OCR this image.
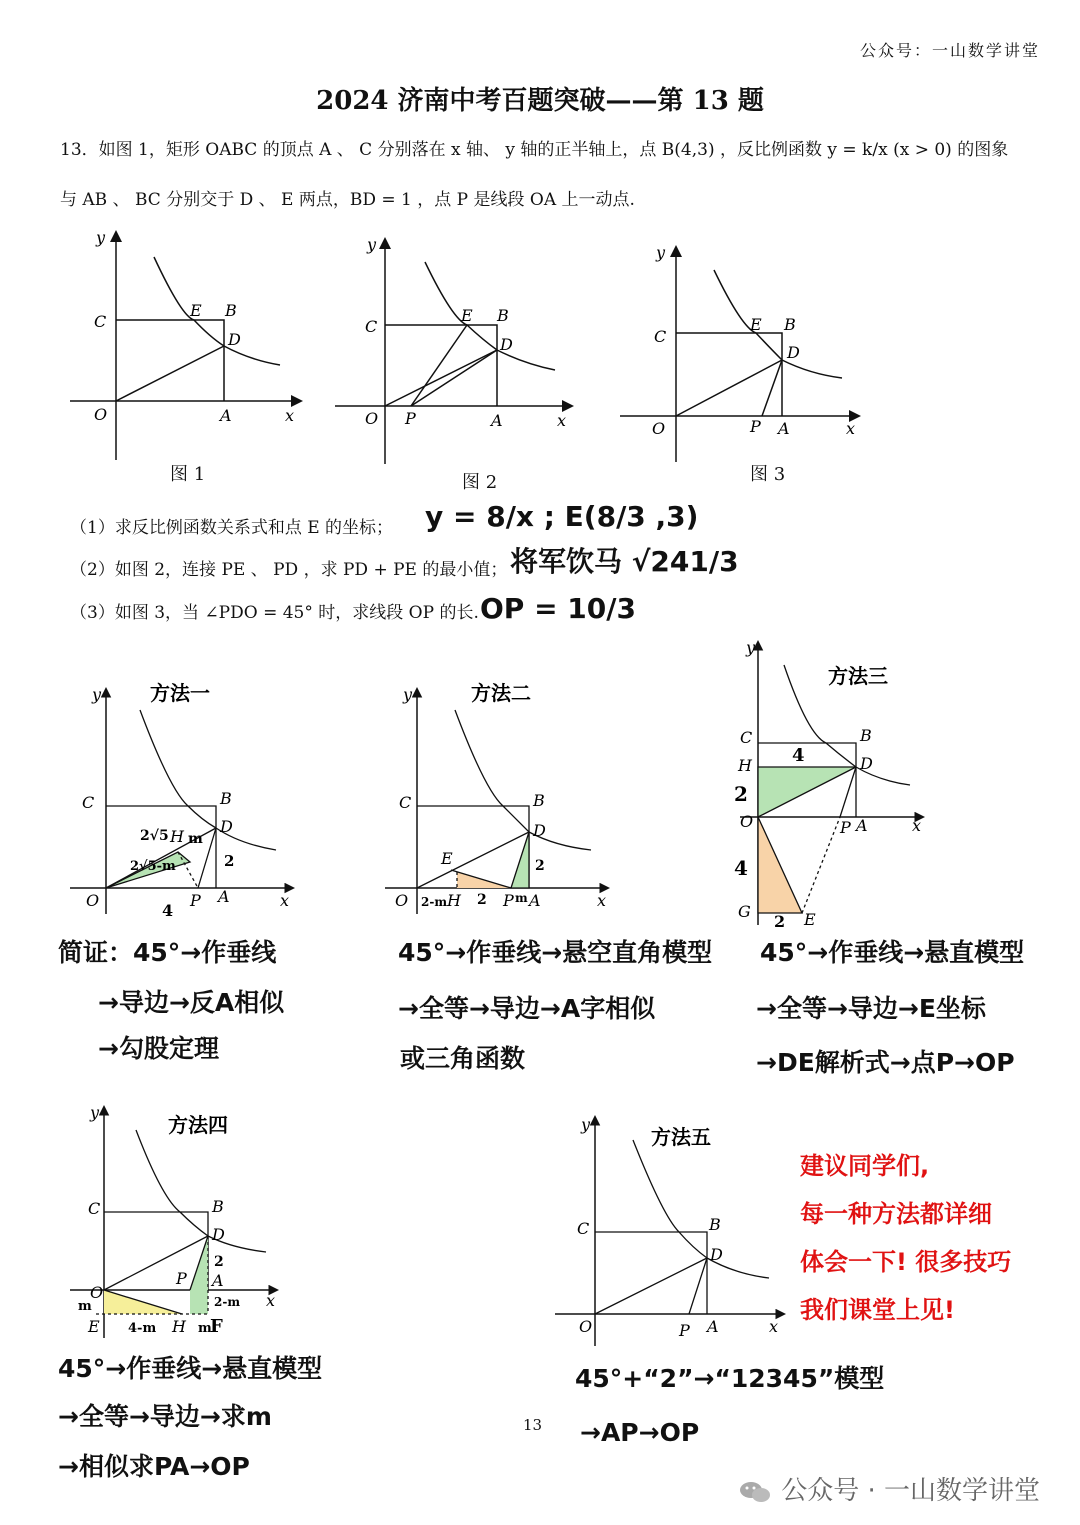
公众号：一山数学讲堂
2024 济南中考百题突破——第 13 题
13．如图 1，矩形 OABC 的顶点 A 、 C 分别落在 x 轴、 y 轴的正半轴上，点 B(4,3) ，反比例函数 y = k/x (x > 0) 的图象
与 AB 、 BC 分别交于 D 、 E 两点，BD = 1 ，点 P 是线段 OA 上一动点.
y
x
O
C
E B
D
A
图 1
y
x
O
C
E B
D
P	A
图 2
y
x
O
C
E B
D
P A
图 3
（1）求反比例函数关系式和点 E 的坐标； y = 8/x ; E(8/3 ,3)
（2）如图 2，连接 PE 、 PD ，求 PD + PE 的最小值； 将军饮马 √241/3
（3）如图 3，当 ∠PDO = 45° 时，求线段 OP 的长. OP = 10/3
方法一
O
C	B
D
P A
H
x
y
2√5
2√5-m
m
2
4
简证：45°→作垂线
→导边→反A相似
→勾股定理
方法二
O
C	B
D
E
P A
H	x
y
2-m 2
2
m
45°→作垂线→悬空直角模型
→全等→导边→A字相似
或三角函数
方法三
C	B
H	D
O	P A
G	E
x
y
4
2
4
2
45°→作垂线→悬直模型
→全等→导边→E坐标
→DE解析式→点P→OP
方法四
O
C	B
D
P A
E	H F
x
y
m
4-m	m
2
2-m
45°→作垂线→悬直模型
→全等→导边→求m
→相似求PA→OP
方法五
O
C	B
D
P A	x
y
45°+“2”→“12345”模型
→AP→OP
建议同学们,
每一种方法都详细
体会一下! 很多技巧
我们课堂上见!
13
公众号 · 一山数学讲堂
